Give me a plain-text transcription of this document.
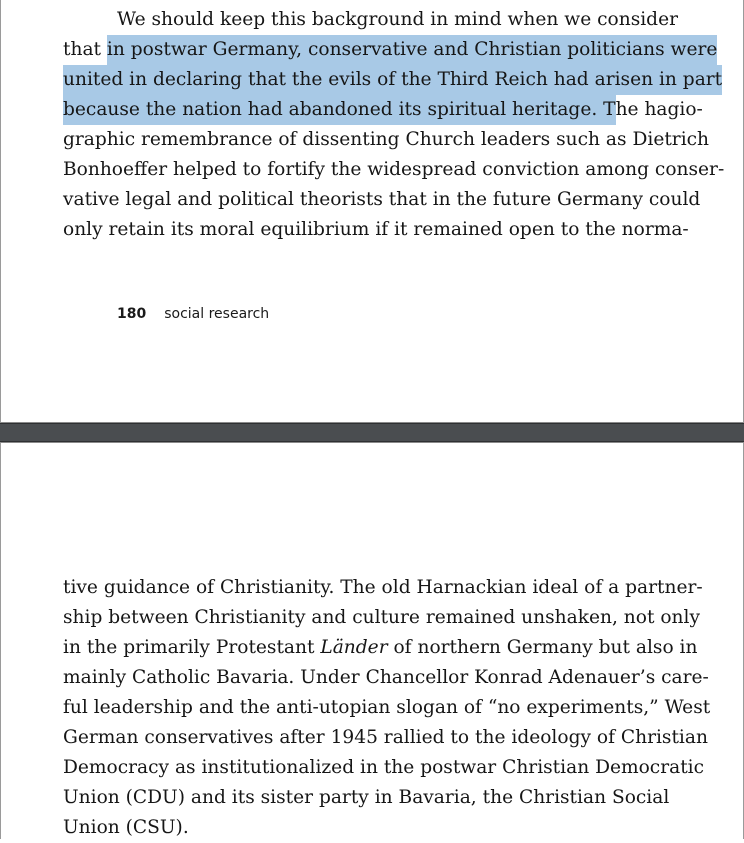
We should keep this background in mind when we consider
that in postwar Germany, conservative and Christian politicians were
united in declaring that the evils of the Third Reich had arisen in part
because the nation had abandoned its spiritual heritage. T he hagio-
graphic remembrance of dissenting Church leaders such as Dietrich
Bonhoeffer helped to fortify the widespread conviction among conser-
vative legal and political theorists that in the future Germany could
only retain its moral equilibrium if it remained open to the norma-
180 social research
tive guidance of Christianity. The old Harnackian ideal of a partner-
ship between Christianity and culture remained unshaken, not only
in the primarily Protestant Länder of northern Germany but also in
mainly Catholic Bavaria. Under Chancellor Konrad Adenauer’s care-
ful leadership and the anti-utopian slogan of “no experiments,” West
German conservatives after 1945 rallied to the ideology of Christian
Democracy as institutionalized in the postwar Christian Democratic
Union (CDU) and its sister party in Bavaria, the Christian Social
Union (CSU).
